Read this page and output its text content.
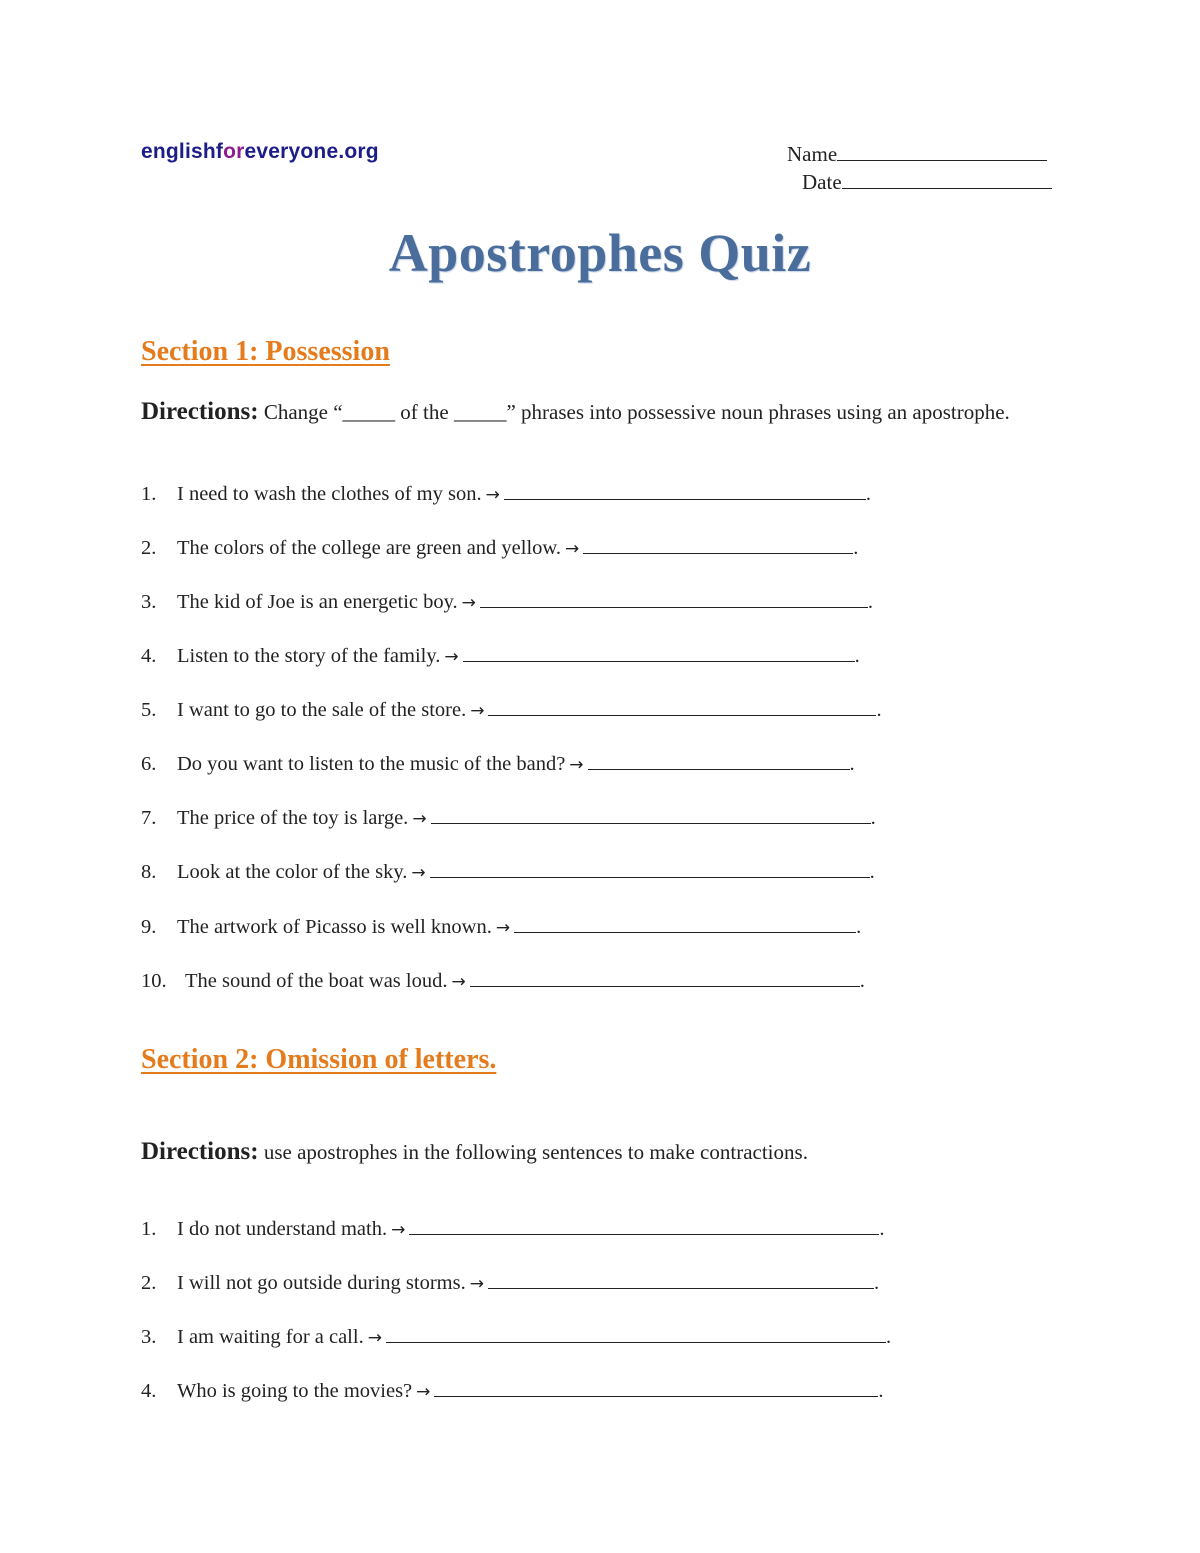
englishforeveryone.org	Name
Date
Apostrophes Quiz
Section 1: Possession
Directions: Change “_____ of the _____” phrases into possessive noun phrases using an apostrophe.
1. I need to wash the clothes of my son. →	.
2. The colors of the college are green and yellow. →	.
3. The kid of Joe is an energetic boy. →	.
4. Listen to the story of the family. →	.
5. I want to go to the sale of the store. →	.
6. Do you want to listen to the music of the band? →	.
7. The price of the toy is large. →	.
8. Look at the color of the sky. →	.
9. The artwork of Picasso is well known. →	.
10. The sound of the boat was loud. →	.
Section 2: Omission of letters.
Directions: use apostrophes in the following sentences to make contractions.
1. I do not understand math. →	.
2. I will not go outside during storms. →	.
3. I am waiting for a call. →	.
4. Who is going to the movies? →	.
